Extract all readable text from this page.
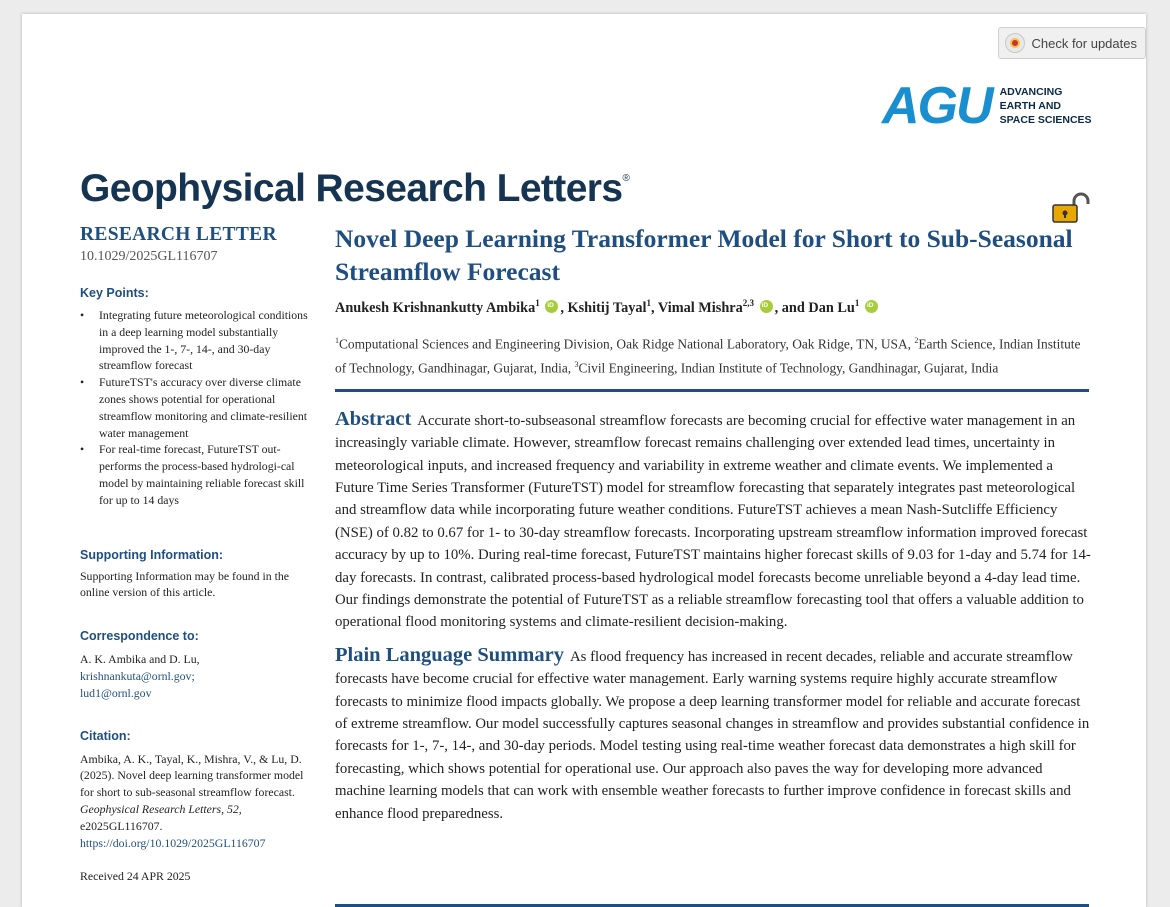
Check for updates
AGU ADVANCING
EARTH AND
SPACE SCIENCES
Geophysical Research Letters®
RESEARCH LETTER
10.1029/2025GL116707
Key Points:
• Integrating future meteorological conditions in a deep learning model substantially improved the 1-, 7-, 14-, and 30-day streamflow forecast
• FutureTST's accuracy over diverse climate zones shows potential for operational streamflow monitoring and climate-resilient water management
• For real-time forecast, FutureTST out-performs the process-based hydrologi-cal model by maintaining reliable forecast skill for up to 14 days
Supporting Information:
Supporting Information may be found in the online version of this article.
Correspondence to:
A. K. Ambika and D. Lu,
krishnankuta@ornl.gov;
lud1@ornl.gov
Citation:
Ambika, A. K., Tayal, K., Mishra, V., & Lu, D. (2025). Novel deep learning transformer model for short to sub-seasonal streamflow forecast. Geophysical Research Letters, 52, e2025GL116707. https://doi.org/10.1029/2025GL116707
Received 24 APR 2025
Novel Deep Learning Transformer Model for Short to Sub-Seasonal Streamflow Forecast
Anukesh Krishnankutty Ambika$^1$ iD , Kshitij Tayal$^1$, Vimal Mishra$^{2,3}$ iD , and Dan Lu$^1$ iD
$^1$Computational Sciences and Engineering Division, Oak Ridge National Laboratory, Oak Ridge, TN, USA, $^2$Earth Science, Indian Institute of Technology, Gandhinagar, Gujarat, India, $^3$Civil Engineering, Indian Institute of Technology, Gandhinagar, Gujarat, India
Abstract Accurate short-to-subseasonal streamflow forecasts are becoming crucial for effective water management in an increasingly variable climate. However, streamflow forecast remains challenging over extended lead times, uncertainty in meteorological inputs, and increased frequency and variability in extreme weather and climate events. We implemented a Future Time Series Transformer (FutureTST) model for streamflow forecasting that separately integrates past meteorological and streamflow data while incorporating future weather conditions. FutureTST achieves a mean Nash-Sutcliffe Efficiency (NSE) of 0.82 to 0.67 for 1- to 30-day streamflow forecasts. Incorporating upstream streamflow information improved forecast accuracy by up to 10%. During real-time forecast, FutureTST maintains higher forecast skills of 9.03 for 1-day and 5.74 for 14-day forecasts. In contrast, calibrated process-based hydrological model forecasts become unreliable beyond a 4-day lead time. Our findings demonstrate the potential of FutureTST as a reliable streamflow forecasting tool that offers a valuable addition to operational flood monitoring systems and climate-resilient decision-making.
Plain Language Summary As flood frequency has increased in recent decades, reliable and accurate streamflow forecasts have become crucial for effective water management. Early warning systems require highly accurate streamflow forecasts to minimize flood impacts globally. We propose a deep learning transformer model for reliable and accurate forecast of extreme streamflow. Our model successfully captures seasonal changes in streamflow and provides substantial confidence in forecasts for 1-, 7-, 14-, and 30-day periods. Model testing using real-time weather forecast data demonstrates a high skill for forecasting, which shows potential for operational use. Our approach also paves the way for developing more advanced machine learning models that can work with ensemble weather forecasts to further improve confidence in forecast skills and enhance flood preparedness.
